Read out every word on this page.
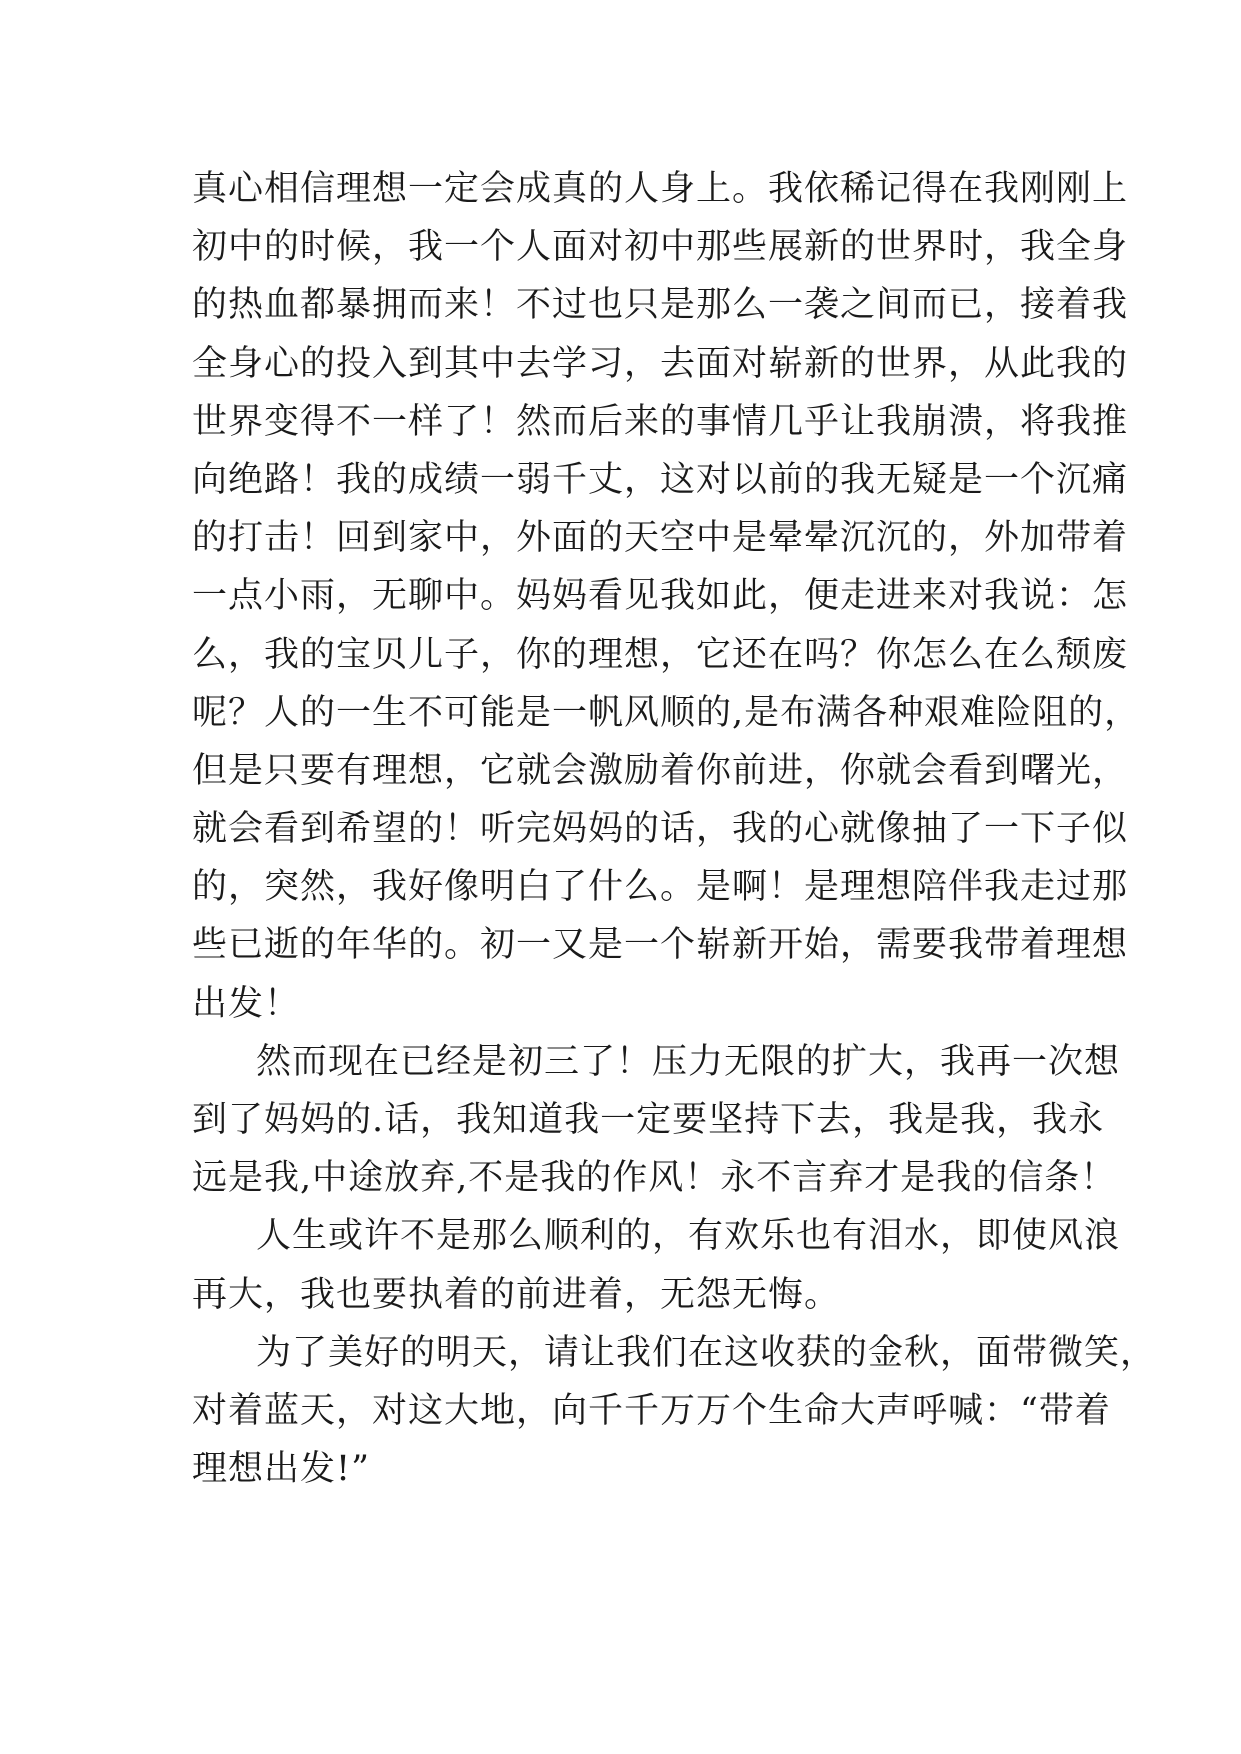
真心相信理想一定会成真的人身上。我依稀记得在我刚刚上
初中的时候，我一个人面对初中那些展新的世界时，我全身
的热血都暴拥而来！不过也只是那么一袭之间而已，接着我
全身心的投入到其中去学习，去面对崭新的世界，从此我的
世界变得不一样了！然而后来的事情几乎让我崩溃，将我推
向绝路！我的成绩一弱千丈，这对以前的我无疑是一个沉痛
的打击！回到家中，外面的天空中是晕晕沉沉的，外加带着
一点小雨，无聊中。妈妈看见我如此，便走进来对我说：怎
么，我的宝贝儿子，你的理想，它还在吗？你怎么在么颓废
呢？人的一生不可能是一帆风顺的,是布满各种艰难险阻的，
但是只要有理想，它就会激励着你前进，你就会看到曙光，
就会看到希望的！听完妈妈的话，我的心就像抽了一下子似
的，突然，我好像明白了什么。是啊！是理想陪伴我走过那
些已逝的年华的。初一又是一个崭新开始，需要我带着理想
出发！
然而现在已经是初三了！压力无限的扩大，我再一次想
到了妈妈的.话，我知道我一定要坚持下去，我是我，我永
远是我,中途放弃,不是我的作风！永不言弃才是我的信条！
人生或许不是那么顺利的，有欢乐也有泪水，即使风浪
再大，我也要执着的前进着，无怨无悔。
为了美好的明天，请让我们在这收获的金秋，面带微笑，
对着蓝天，对这大地，向千千万万个生命大声呼喊：“带着
理想出发!”
